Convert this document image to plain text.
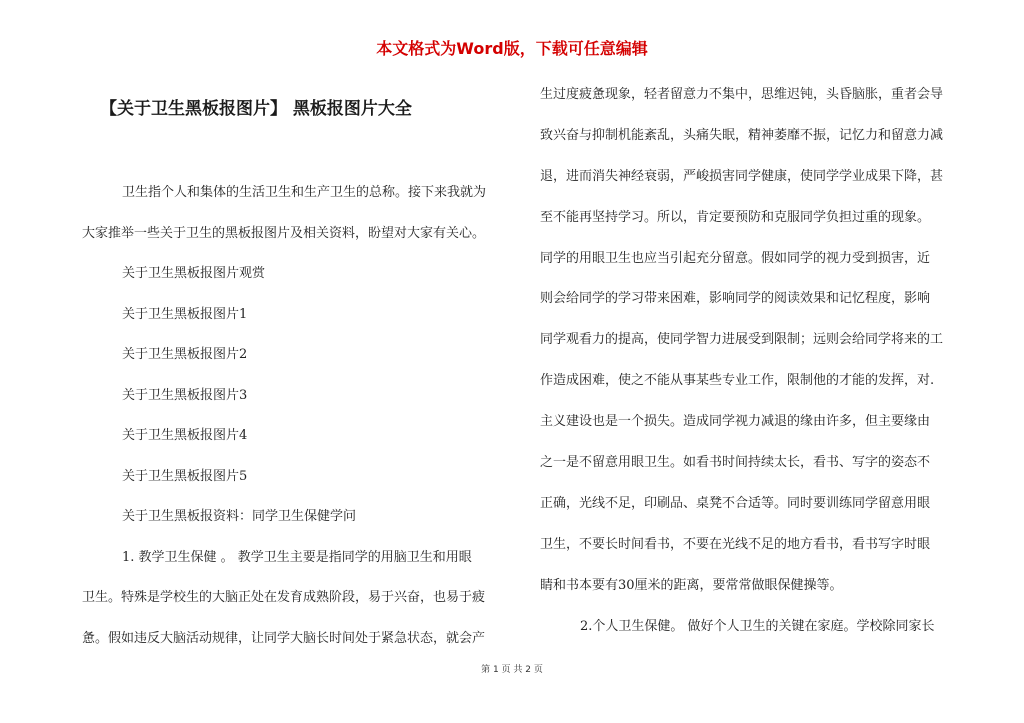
本文格式为Word版，下载可任意编辑
【关于卫生黑板报图片】 黑板报图片大全
卫生指个人和集体的生活卫生和生产卫生的总称。接下来我就为
大家推举一些关于卫生的黑板报图片及相关资料，盼望对大家有关心。
关于卫生黑板报图片观赏
关于卫生黑板报图片1
关于卫生黑板报图片2
关于卫生黑板报图片3
关于卫生黑板报图片4
关于卫生黑板报图片5
关于卫生黑板报资料：同学卫生保健学问
1. 教学卫生保健 。 教学卫生主要是指同学的用脑卫生和用眼
卫生。特殊是学校生的大脑正处在发育成熟阶段，易于兴奋，也易于疲
惫。假如违反大脑活动规律，让同学大脑长时间处于紧急状态，就会产
生过度疲惫现象，轻者留意力不集中，思维迟钝，头昏脑胀，重者会导
致兴奋与抑制机能紊乱，头痛失眠，精神萎靡不振，记忆力和留意力减
退，进而消失神经衰弱，严峻损害同学健康，使同学学业成果下降，甚
至不能再坚持学习。所以，肯定要预防和克服同学负担过重的现象。
同学的用眼卫生也应当引起充分留意。假如同学的视力受到损害，近
则会给同学的学习带来困难，影响同学的阅读效果和记忆程度，影响
同学观看力的提高，使同学智力进展受到限制；远则会给同学将来的工
作造成困难，使之不能从事某些专业工作，限制他的才能的发挥，对.
主义建设也是一个损失。造成同学视力减退的缘由许多，但主要缘由
之一是不留意用眼卫生。如看书时间持续太长，看书、写字的姿态不
正确，光线不足，印刷品、桌凳不合适等。同时要训练同学留意用眼
卫生，不要长时间看书，不要在光线不足的地方看书，看书写字时眼
睛和书本要有30厘米的距离，要常常做眼保健操等。
2.个人卫生保健。 做好个人卫生的关键在家庭。学校除同家长
第 1 页 共 2 页
